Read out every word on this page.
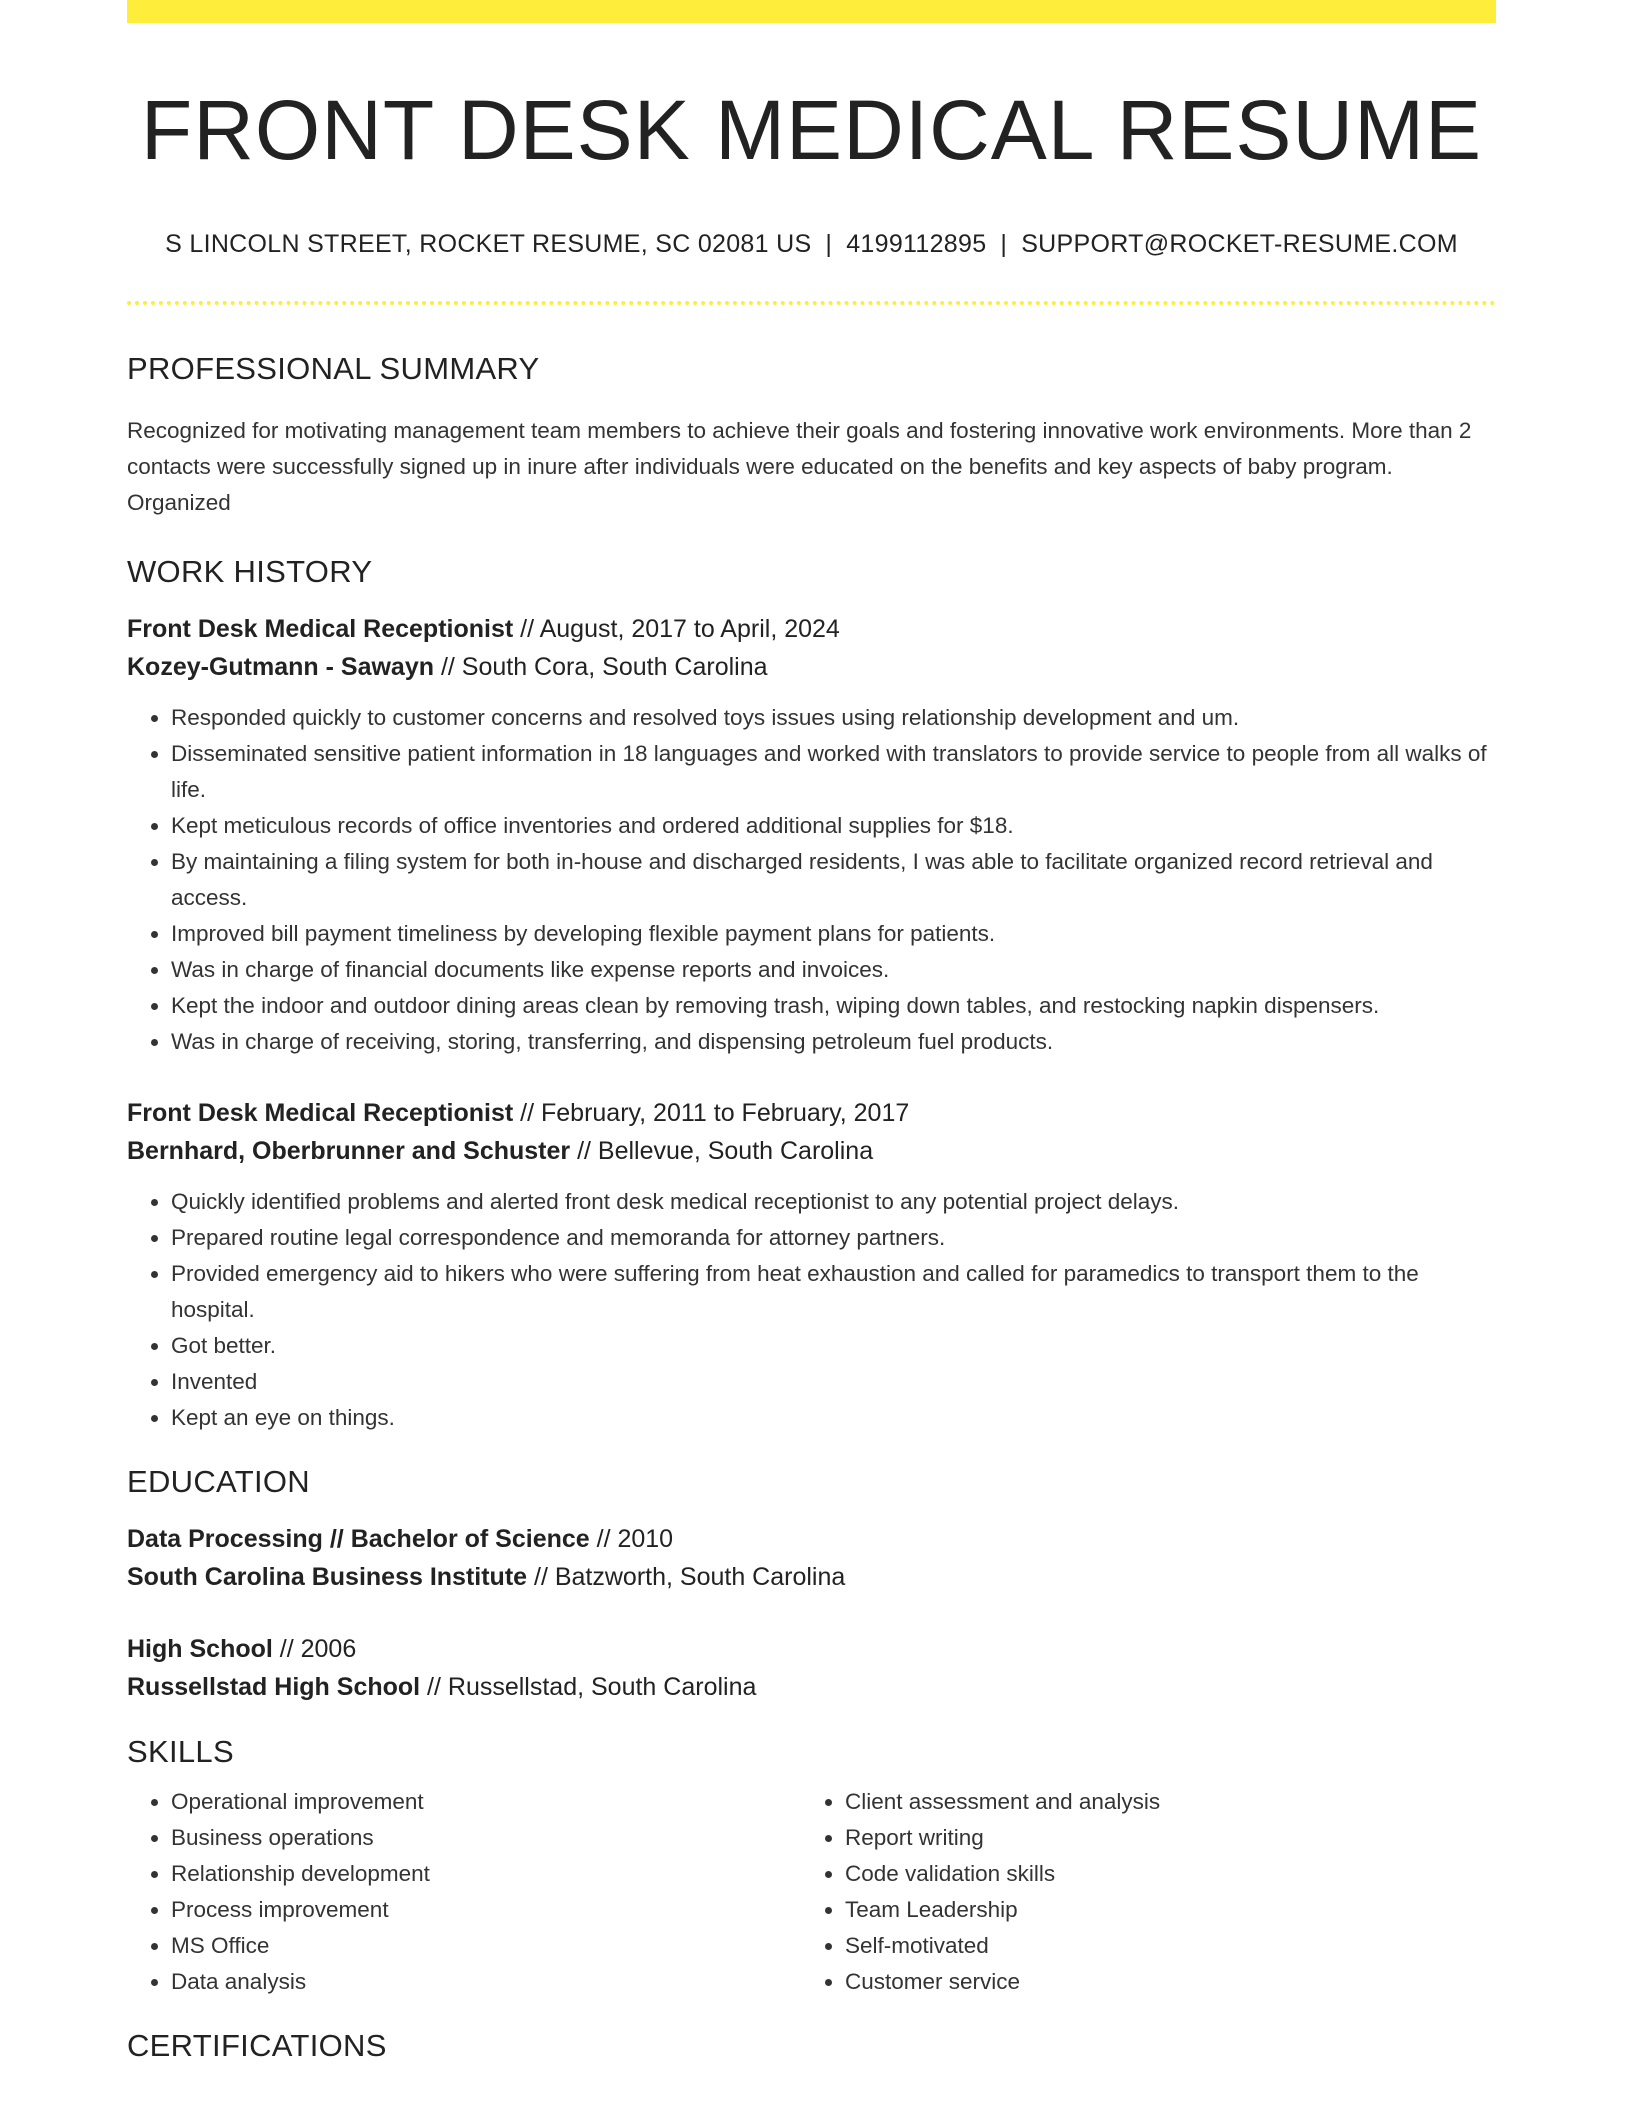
FRONT DESK MEDICAL RESUME
S LINCOLN STREET, ROCKET RESUME, SC 02081 US | 4199112895 | SUPPORT@ROCKET-RESUME.COM
PROFESSIONAL SUMMARY

Recognized for motivating management team members to achieve their goals and fostering innovative work environments. More than 2 contacts were successfully signed up in inure after individuals were educated on the benefits and key aspects of baby program. Organized

WORK HISTORY
Front Desk Medical Receptionist // August, 2017 to April, 2024
Kozey-Gutmann - Sawayn // South Cora, South Carolina
• Responded quickly to customer concerns and resolved toys issues using relationship development and um.
• Disseminated sensitive patient information in 18 languages and worked with translators to provide service to people from all walks of life.
• Kept meticulous records of office inventories and ordered additional supplies for $18.
• By maintaining a filing system for both in-house and discharged residents, I was able to facilitate organized record retrieval and access.
• Improved bill payment timeliness by developing flexible payment plans for patients.
• Was in charge of financial documents like expense reports and invoices.
• Kept the indoor and outdoor dining areas clean by removing trash, wiping down tables, and restocking napkin dispensers.
• Was in charge of receiving, storing, transferring, and dispensing petroleum fuel products.
Front Desk Medical Receptionist // February, 2011 to February, 2017
Bernhard, Oberbrunner and Schuster // Bellevue, South Carolina
• Quickly identified problems and alerted front desk medical receptionist to any potential project delays.
• Prepared routine legal correspondence and memoranda for attorney partners.
• Provided emergency aid to hikers who were suffering from heat exhaustion and called for paramedics to transport them to the hospital.
• Got better.
• Invented
• Kept an eye on things.
EDUCATION
Data Processing // Bachelor of Science // 2010
South Carolina Business Institute // Batzworth, South Carolina
High School // 2006
Russellstad High School // Russellstad, South Carolina
SKILLS
• Operational improvement
• Business operations
• Relationship development
• Process improvement
• MS Office
• Data analysis
• Client assessment and analysis
• Report writing
• Code validation skills
• Team Leadership
• Self-motivated
• Customer service
CERTIFICATIONS
